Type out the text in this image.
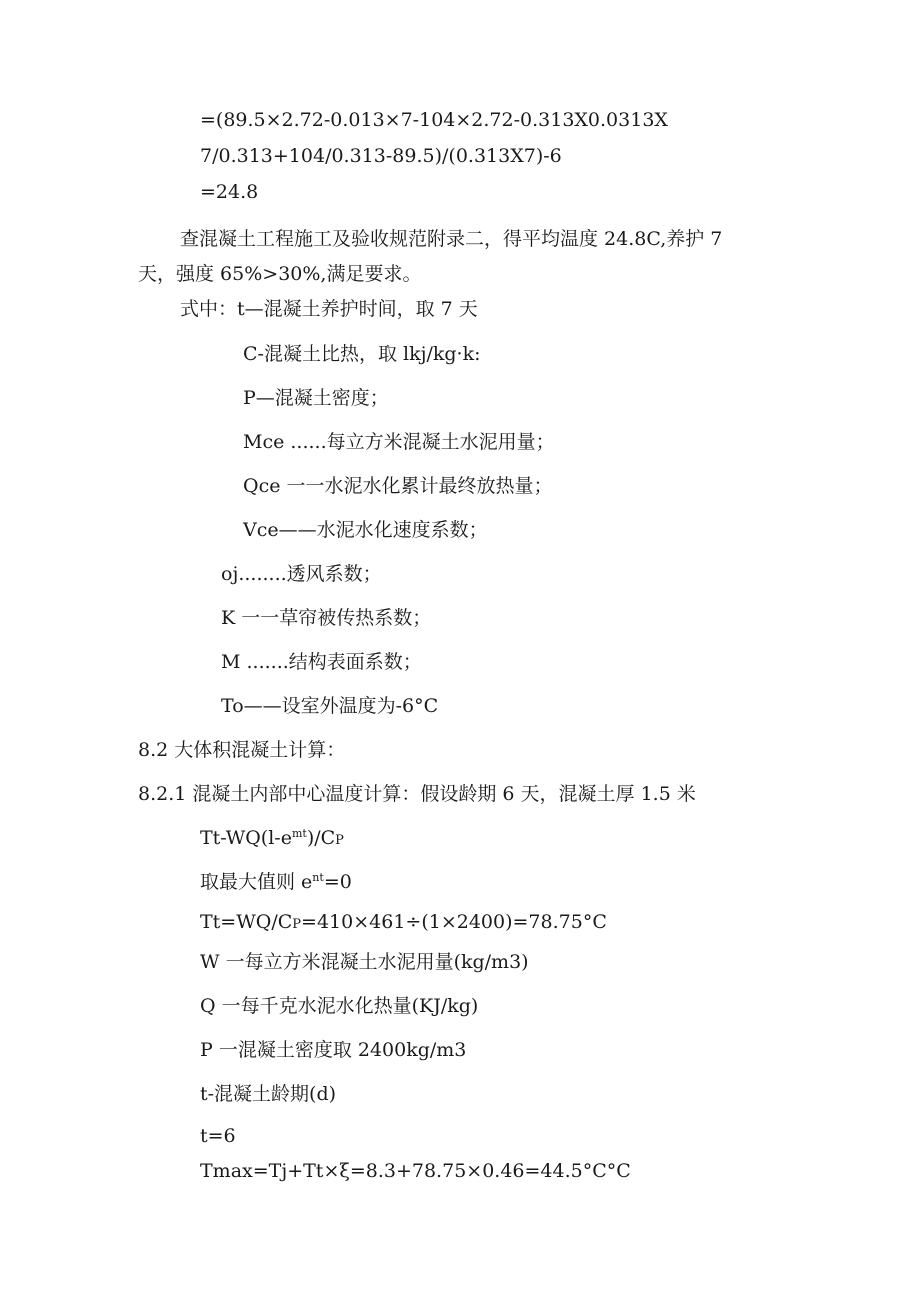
=(89.5×2.72-0.013×7-104×2.72-0.313X0.0313X
7/0.313+104/0.313-89.5)/(0.313X7)-6
=24.8
查混凝土工程施工及验收规范附录二，得平均温度 24.8C,养护 7
天，强度 65%>30%,满足要求。
式中：t—混凝土养护时间，取 7 天
C-混凝土比热，取 lkj/kg·k:
P—混凝土密度；
Mce ......每立方米混凝土水泥用量；
Qce 一一水泥水化累计最终放热量；
Vce——水泥水化速度系数；
oj........透风系数；
K 一一草帘被传热系数；
M .......结构表面系数；
To——设室外温度为-6°C
8.2 大体积混凝土计算：
8.2.1 混凝土内部中心温度计算：假设龄期 6 天，混凝土厚 1.5 米
$Tt-WQ(l-e^{mt})/CP$
取最大值则 $e^{nt}=0$
Tt=WQ/CP=410×461÷(1×2400)=78.75°C
W 一每立方米混凝土水泥用量(kg/m3)
Q 一每千克水泥水化热量(KJ/kg)
P 一混凝土密度取 2400kg/m3
t-混凝土龄期(d)
t=6
Tmax=Tj+Tt×ξ=8.3+78.75×0.46=44.5°C°C
